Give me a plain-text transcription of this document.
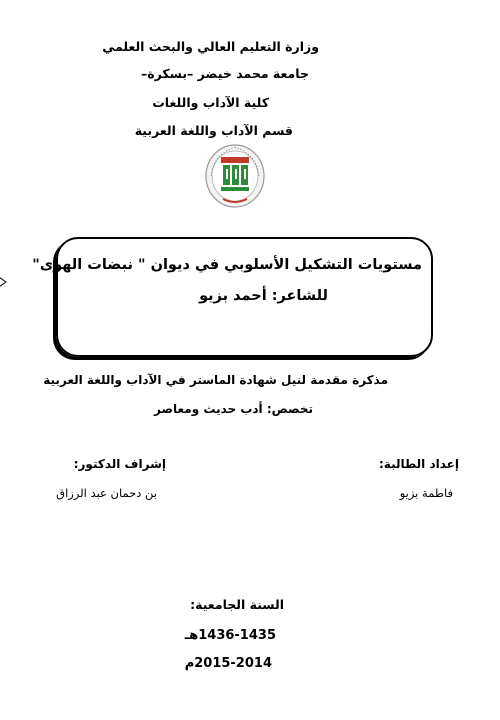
وزارة التعليم العالي والبحث العلمي
جامعة محمد خيضر –بسكرة–
كلية الآداب واللغات
قسم الآداب واللغة العربية
مستويات التشكيل الأسلوبي في ديوان " نبضات الهوى"
للشاعر: أحمد بزيو
مذكرة مقدمة لنيل شهادة الماستر في الآداب واللغة العربية
تخصص: أدب حديث ومعاصر
إعداد الطالبة:
فاطمة بزيو
إشراف الدكتور:
بن دحمان عبد الرزاق
السنة الجامعية:
1436-1435هـ
2015-2014م
